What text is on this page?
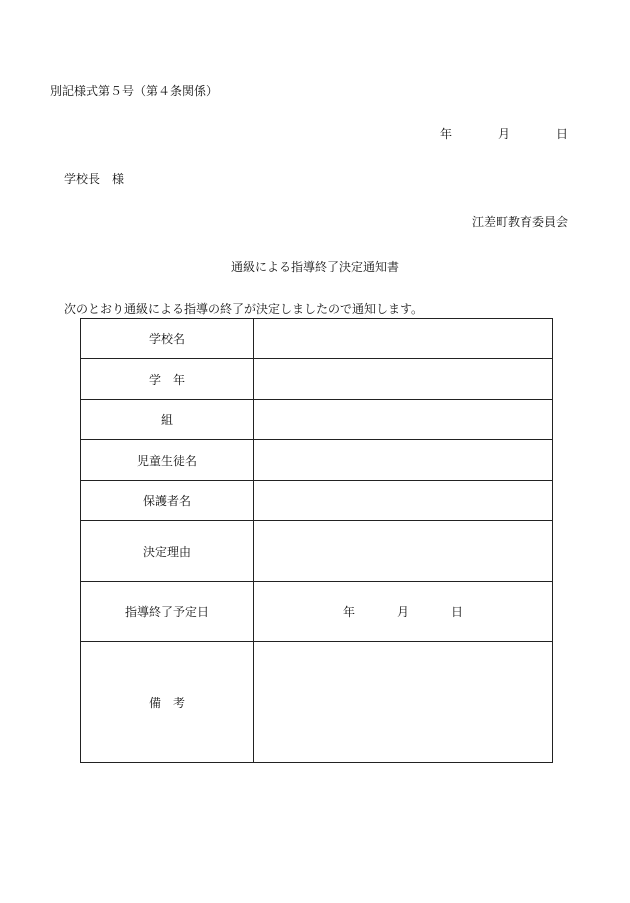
別記様式第５号（第４条関係）
年	月	日
学校長　様
江差町教育委員会
通級による指導終了決定通知書
次のとおり通級による指導の終了が決定しましたので通知します。
学校名	
学　年	
組	
児童生徒名	
保護者名	
決定理由	
指導終了予定日	年 月 日
備　考	
